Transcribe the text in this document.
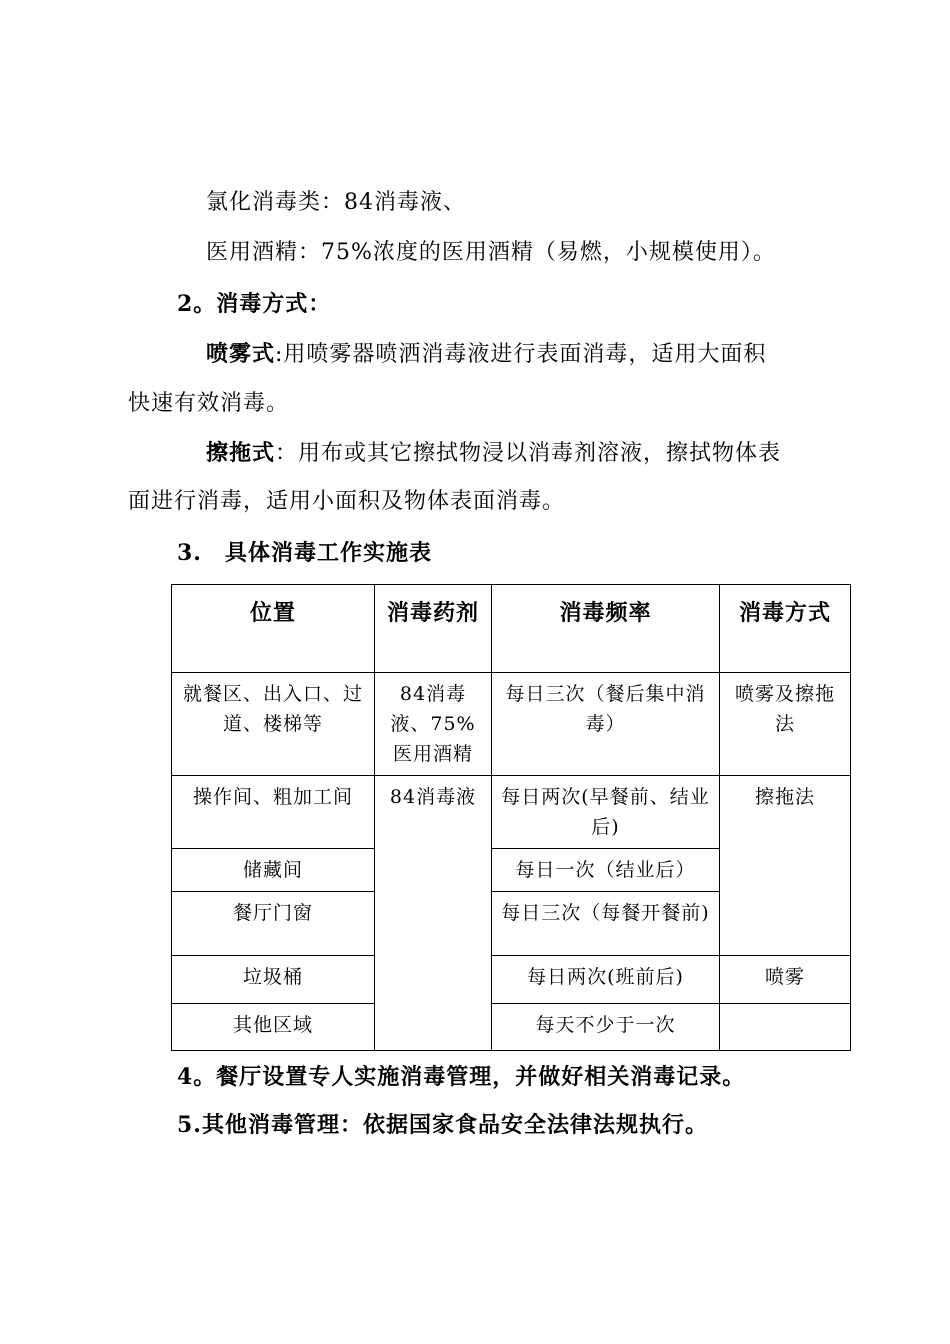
氯化消毒类：84消毒液、
医用酒精：75%浓度的医用酒精（易燃，小规模使用）。
2。消毒方式：
喷雾式:用喷雾器喷洒消毒液进行表面消毒，适用大面积
快速有效消毒。
擦拖式：用布或其它擦拭物浸以消毒剂溶液，擦拭物体表
面进行消毒，适用小面积及物体表面消毒。
3.　具体消毒工作实施表
位置	消毒药剂	消毒频率	消毒方式
就餐区、出入口、过道、楼梯等	84消毒液、75%医用酒精	每日三次（餐后集中消毒）	喷雾及擦拖法
操作间、粗加工间	84消毒液	每日两次(早餐前、结业后)	擦拖法
储藏间		每日一次（结业后）	
餐厅门窗		每日三次（每餐开餐前)	
垃圾桶		每日两次(班前后)	喷雾
其他区域		每天不少于一次	
4。餐厅设置专人实施消毒管理，并做好相关消毒记录。
5.其他消毒管理：依据国家食品安全法律法规执行。
